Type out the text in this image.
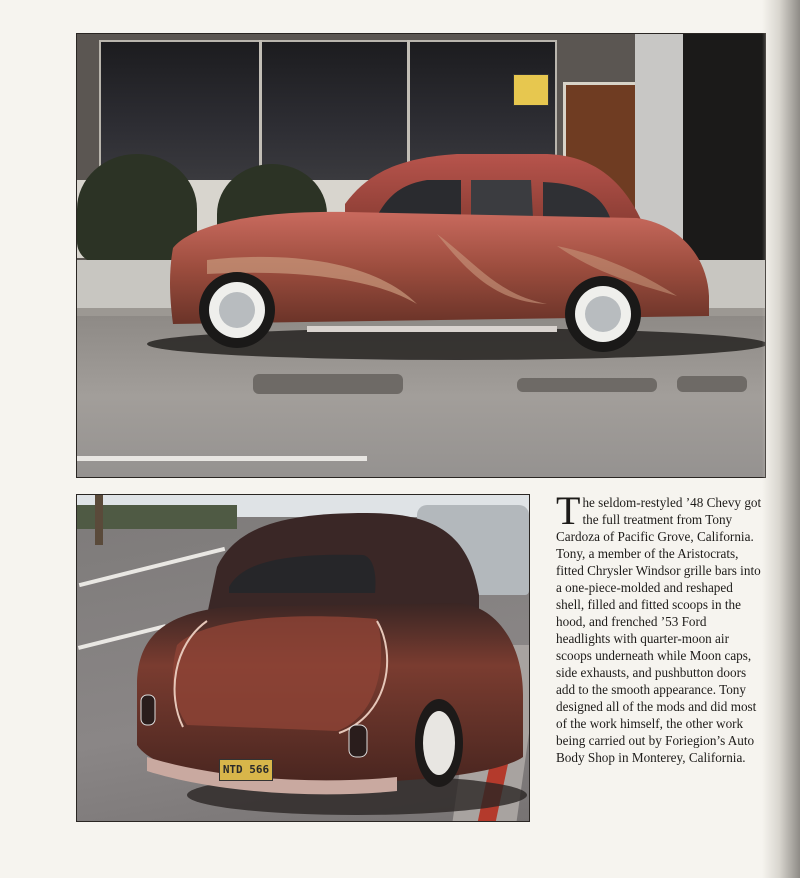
NTD 566
T he seldom-restyled ’48 Chevy got the full treatment from Tony Cardoza of Pacific Grove, California. Tony, a member of the Aristocrats, fitted Chrysler Windsor grille bars into a one-piece-molded and reshaped shell, filled and fitted scoops in the hood, and frenched ’53 Ford headlights with quarter-moon air scoops underneath while Moon caps, side exhausts, and pushbutton doors add to the smooth appearance. Tony designed all of the mods and did most of the work himself, the other work being carried out by Foriegion’s Auto Body Shop in Monterey, California.
